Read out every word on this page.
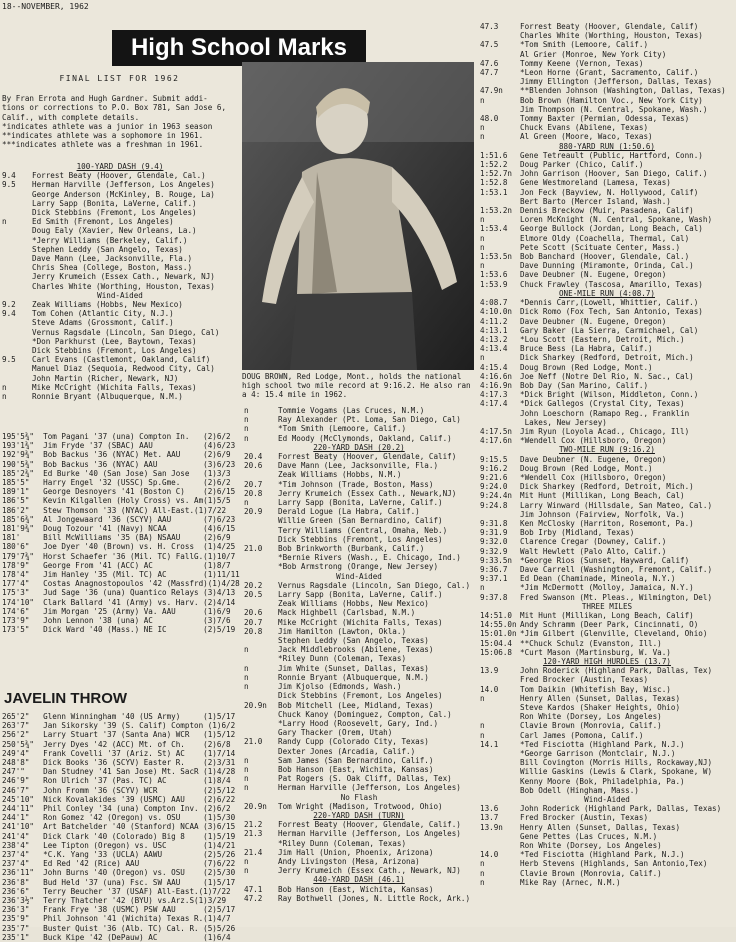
18--NOVEMBER, 1962
High School Marks
FINAL LIST FOR 1962
By Fran Errota and Hugh Gardner. Submit addi-
tions or corrections to P.O. Box 781, San Jose 6,
Calif., with complete details.
*indicates athlete was a junior in 1963 season
**indicates athlete was a sophomore in 1961.
***indicates athlete was a freshman in 1961.
100-YARD DASH (9.4)
9.4 Forrest Beaty (Hoover, Glendale, Cal.)
9.5 Herman Harville (Jefferson, Los Angeles)
George Anderson (McKinley, B. Rouge, La)
Larry Sapp (Bonita, LaVerne, Calif.)
Dick Stebbins (Fremont, Los Angeles)
n	Ed Smith (Fremont, Los Angeles)
Doug Ealy (Xavier, New Orleans, La.)
*Jerry Williams (Berkeley, Calif.)
Stephen Leddy (San Angelo, Texas)
Dave Mann (Lee, Jacksonville, Fla.)
Chris Shea (College, Boston, Mass.)
Jerry Krumeich (Essex Cath., Newark, NJ)
Charles White (Worthing, Houston, Texas)
Wind-Aided
9.2 Zeak Williams (Hobbs, New Mexico)
9.4 Tom Cohen (Atlantic City, N.J.)
Steve Adams (Grossmont, Calif.)
Vernus Ragsdale (Lincoln, San Diego, Cal)
*Don Parkhurst (Lee, Baytown, Texas)
Dick Stebbins (Fremont, Los Angeles)
9.5 Carl Evans (Castlemont, Oakland, Calif)
Manuel Diaz (Sequoia, Redwood City, Cal)
John Martin (Richer, Newark, NJ)
n	Mike McCright (Wichita Falls, Texas)
n	Ronnie Bryant (Albuquerque, N.M.)
DOUG BROWN, Red Lodge, Mont., holds the national high school two mile record at 9:16.2. He also ran a 4: 15.4 mile in 1962.
195'5¾"  Tom Pagani '37 (una) Compton In.   (2)6/2
193'1¾"  Jim Fryde '37 (SBAC) AAU           (4)6/23
192'9¾"  Bob Backus '36 (NYAC) Met. AAU     (2)6/9
190'5¾"  Bob Backus '36 (NYAC) AAU          (3)6/23
185'2¾"  Ed Burke '40 (San Jose) San Jose   (1)3/3
185'5"   Harry Engel '32 (USSC) Sp.Gme.     (2)6/2
189'1"   George Desnoyers '41 (Boston C)    (2)6/15
186'5"   Kevin Kilgallen (Holy Cross) vs. Am(1)5/5
186'2"   Stew Thomson '33 (NYAC) All-East.(1)7/22
185'6¾"  Al Jongewaard '36 (SCYV) AAU       (7)6/23
181'9¾"  Doug Tozour '41 (Navy) NCAA        (4)6/15
181'     Bill McWilliams '35 (BA) NSAAU     (2)6/9
180'6"   Joe Dyer '40 (Brown) vs. H. Cross  (1)4/25
179'7¾"  Horst Schaefer '36 (Mil. TC) FallG.(1)10/7
178'9"   George From '41 (ACC) AC           (1)8/7
178'4"   Jim Hanley '35 (Mil. TC) AC        (1)11/11
177'4"   Costas Anagnostopoulos '42 (Massfrd)(1)4/28
175'3"   Jud Sage '36 (una) Quantico Relays (3)4/13
174'10"  Clark Ballard '41 (Army) vs. Harv. (2)4/14
174'6"   Jim Morgan '25 (Army) Va. AAU      (1)6/9
173'9"   John Lennon '38 (una) AC           (3)7/6
173'5"   Dick Ward '40 (Mass.) NE IC        (2)5/19
JAVELIN THROW
265'2"   Glenn Winningham '40 (US Army)     (1)5/17
263'7"   Jan Sikorsky '39 (S. Calif) Compton (1)6/2
256'2"   Larry Stuart '37 (Santa Ana) WCR   (1)5/12
250'5¾"  Jerry Dyes '42 (ACC) Mt. of Ch.    (2)6/8
249'4"   Frank Covelli '37 (Ariz. St) AC    (1)7/14
248'8"   Dick Books '36 (SCYV) Easter R.    (2)3/31
247'"    Dan Studney '41 San Jose) Mt. SacR (1)4/28
246'9"   Ron Ulrich '37 (Pas. TC) AC        (1)8/4
246'7"   John Fromm '36 (SCYV) WCR          (2)5/12
245'10"  Nick Kovalakides '39 (USMC) AAU    (2)6/22
244'11"  Phil Conley '34 (una) Compton Inv. (2)6/2
244'1"   Ron Gomez '42 (Oregon) vs. OSU     (1)5/30
241'10"  Art Batchelder '40 (Stanford) NCAA (3)6/15
241'4"   Dick Clark '40 (Colorado) Big 8    (1)5/19
238'4"   Lee Tipton (Oregon) vs. USC        (1)4/21
237'4"   *C.K. Yang '33 (UCLA) AAWU         (2)5/26
237'4"   Ed Red '42 (Rice) AAU              (7)6/22
236'11"  John Burns '40 (Oregon) vs. OSU    (2)5/30
236'8"   Bud Held '37 (una) Fsc. SW AAU     (1)5/17
236'6"   Terry Beucher '37 (USAF) All-East.(1)7/22
236'3½"  Terry Thatcher '42 (BYU) vs.Arz.S(1)3/29
236'3"   Frank Frye '38 (USMC) PSW AAU      (2)5/17
235'9"   Phil Johnson '41 (Wichita) Texas R.(1)4/7
235'7"   Buster Quist '36 (Alb. TC) Cal. R. (5)5/26
235'1"   Buck Kipe '42 (DePauw) AC          (1)6/4
n	Tommie Vogams (Las Cruces, N.M.)
n	Ray Alexander (Pt. Loma, San Diego, Cal)
n	*Tom Smith (Lemoore, Calif.)
n	Ed Moody (McClymonds, Oakland, Calif.)
220-YARD DASH (20.2)
20.4 Forrest Beaty (Hoover, Glendale, Calif)
20.6 Dave Mann (Lee, Jacksonville, Fla.)
Zeak Williams (Hobbs, N.M.)
20.7 *Tim Johnson (Trade, Boston, Mass)
20.8 Jerry Krumeich (Essex Cath., Newark,NJ)
n	Larry Sapp (Bonita, LaVerne, Calif.)
20.9 Derald Logue (La Habra, Calif.)
Willie Green (San Bernardino, Calif)
Terry Williams (Central, Omaha, Neb.)
Dick Stebbins (Fremont, Los Angeles)
21.0 Bob Brinkworth (Burbank, Calif.)
*Bernie Rivers (Wash., E. Chicago, Ind.)
*Bob Armstrong (Orange, New Jersey)
Wind-Aided
20.2 Vernus Ragsdale (Lincoln, San Diego, Cal.)
20.5 Larry Sapp (Bonita, LaVerne, Calif.)
Zeak Williams (Hobbs, New Mexico)
20.6 Mack Highbell (Carlsbad, N.M.)
20.7 Mike McCright (Wichita Falls, Texas)
20.8 Jim Hamilton (Lawton, Okla.)
Stephen Leddy (San Angelo, Texas)
n	Jack Middlebrooks (Abilene, Texas)
*Riley Dunn (Coleman, Texas)
n	Jim White (Sunset, Dallas, Texas)
n	Ronnie Bryant (Albuquerque, N.M.)
n	Jim Kjolso (Edmonds, Wash.)
Dick Stebbins (Fremont, Los Angeles)
20.9n Bob Mitchell (Lee, Midland, Texas)
Chuck Kanoy (Dominguez, Compton, Cal.)
*Larry Hood (Roosevelt, Gary, Ind.)
Gary Thacker (Orem, Utah)
21.0 Randy Cupp (Colorado City, Texas)
Dexter Jones (Arcadia, Calif.)
n	Sam James (San Bernardino, Calif.)
n	Bob Hanson (East, Wichita, Kansas)
n	Pat Rogers (S. Oak Cliff, Dallas, Tex)
n	Herman Harville (Jefferson, Los Angeles)
No Flash
20.9n Tom Wright (Madison, Trotwood, Ohio)
220-YARD DASH (TURN)
21.2 Forrest Beaty (Hoover, Glendale, Calif.)
21.3 Herman Harville (Jefferson, Los Angeles)
*Riley Dunn (Coleman, Texas)
21.4 Jim Hall (Union, Phoenix, Arizona)
n	Andy Livingston (Mesa, Arizona)
n	Jerry Krumeich (Essex Cath., Newark, NJ)
440-YARD DASH (46.1)
47.1 Bob Hanson (East, Wichita, Kansas)
47.2 Ray Bothwell (Jones, N. Little Rock, Ark.)
47.3	Forrest Beaty (Hoover, Glendale, Calif)
Charles White (Worthing, Houston, Texas)
47.5	*Tom Smith (Lemoore, Calif.)
Al Grier (Monroe, New York City)
47.6	Tommy Keene (Vernon, Texas)
47.7	*Leon Horne (Grant, Sacramento, Calif.)
Jimmy Ellington (Jefferson, Dallas, Texas)
47.9n **Blenden Johnson (Washington, Dallas, Texas)
n	Bob Brown (Hamilton Voc., New York City)
Jim Thompson (N. Central, Spokane, Wash.)
48.0	Tommy Baxter (Permian, Odessa, Texas)
n	Chuck Evans (Abilene, Texas)
n	Al Green (Moore, Waco, Texas)
880-YARD RUN (1:50.6)
1:51.6 Gene Tetreault (Public, Hartford, Conn.)
1:52.2 Doug Parker (Chico, Calif.)
1:52.7n John Garrison (Hoover, San Diego, Calif.)
1:52.8 Gene Westmoreland (Lamesa, Texas)
1:53.1 Jon Feck (Bayview, N. Hollywood, Calif)
Bert Barto (Mercer Island, Wash.)
1:53.2n Dennis Breckow (Muir, Pasadena, Calif)
n	Loren McKnight (N. Central, Spokane, Wash)
1:53.4 George Bullock (Jordan, Long Beach, Cal)
n	Elmore Oldy (Coachella, Thermal, Cal)
n	Pete Scott (Scituate Center, Mass.)
1:53.5n Bob Banchard (Hoover, Glendale, Cal.)
n	Dave Dunning (Miramonte, Orinda, Cal.)
1:53.6 Dave Deubner (N. Eugene, Oregon)
1:53.9 Chuck Frawley (Tascosa, Amarillo, Texas)
ONE-MILE RUN (4:08.7)
4:08.7 *Dennis Carr,(Lowell, Whittier, Calif.)
4:10.0n Dick Romo (Fox Tech, San Antonio, Texas)
4:11.2 Dave Deubner (N. Eugene, Oregon)
4:13.1 Gary Baker (La Sierra, Carmichael, Cal)
4:13.2 *Lou Scott (Eastern, Detroit, Mich.)
4:13.4 Bruce Bess (La Habra, Calif.)
n	Dick Sharkey (Redford, Detroit, Mich.)
4:15.4 Doug Brown (Red Lodge, Mont.)
4:16.6n Joe Neff (Notre Del Rio, N. Sac., Cal)
4:16.9n Bob Day (San Marino, Calif.)
4:17.3 *Dick Bright (Wilson, Middleton, Conn.)
4:17.4 *Dick Gallegos (Crystal City, Texas)
John Loeschorn (Ramapo Reg., Franklin
Lakes, New Jersey)
4:17.5n Jim Ryun (Loyola Acad., Chicago, Ill)
4:17.6n *Wendell Cox (Hillsboro, Oregon)
TWO-MILE RUN (9:16.2)
9:15.5 Dave Deubner (N. Eugene, Oregon)
9:16.2 Doug Brown (Red Lodge, Mont.)
9:21.6 *Wendell Cox (Hillsboro, Oregon)
9:24.0 Dick Sharkey (Redford, Detroit, Mich.)
9:24.4n Mit Hunt (Millikan, Long Beach, Cal)
9:24.8 Larry Winward (Hillsdale, San Mateo, Cal.)
Jim Johnson (Fairview, Norfolk, Va.)
9:31.8 Ken McClosky (Harriton, Rosemont, Pa.)
9:31.9 Bob Irby (Midland, Texas)
9:32.0 Clarence Cregar (Downey, Calif.)
9:32.9 Walt Hewlett (Palo Alto, Calif.)
9:33.5n *George Rios (Sunset, Hayward, Calif)
9:36.7 Dave Carrell (Washington, Fremont, Calif.)
9:37.1 Ed Dean (Chaminade, Mineola, N.Y.)
n	*Jim McDermott (Molloy, Jamaica, N.Y.)
9:37.8 Fred Swanson (Mt. Pleas., Wilmington, Del)
THREE MILES
14:51.0 Mit Hunt (Millikan, Long Beach, Calif)
14:55.0n Andy Schramm (Deer Park, Cincinnati, O)
15:01.0n *Jim Gilbert (Glenville, Cleveland, Ohio)
15:04.4 **Chuck Schulz (Evanston, Ill.)
15:06.8 *Curt Mason (Martinsburg, W. Va.)
120-YARD HIGH HURDLES (13.7)
13.9	John Roderick (Highland Park, Dallas, Tex)
Fred Brocker (Austin, Texas)
14.0	Tom Daikin (Whitefish Bay, Wisc.)
n	Henry Allen (Sunset, Dallas, Texas)
Steve Kardos (Shaker Heights, Ohio)
Ron White (Dorsey, Los Angeles)
n	Clavie Brown (Monrovia, Calif.)
n	Carl James (Pomona, Calif.)
14.1	*Ted Fisciotta (Highland Park, N.J.)
*George Garrison (Montclair, N.J.)
Bill Covington (Morris Hills, Rockaway,NJ)
Willie Gaskins (Lewis & Clark, Spokane, W)
Kenny Moore (Bok, Philadelphia, Pa.)
Bob Odell (Hingham, Mass.)
Wind-Aided
13.6	John Roderick (Highland Park, Dallas, Texas)
13.7	Fred Brocker (Austin, Texas)
13.9n Henry Allen (Sunset, Dallas, Texas)
Gene Pettes (Las Cruces, N.M.)
Ron White (Dorsey, Los Angeles)
14.0	*Ted Fisciotta (Highland Park, N.J.)
n	Herb Stevens (Highlands, San Antonio,Tex)
n	Clavie Brown (Monrovia, Calif.)
n	Mike Ray (Arnec, N.M.)
